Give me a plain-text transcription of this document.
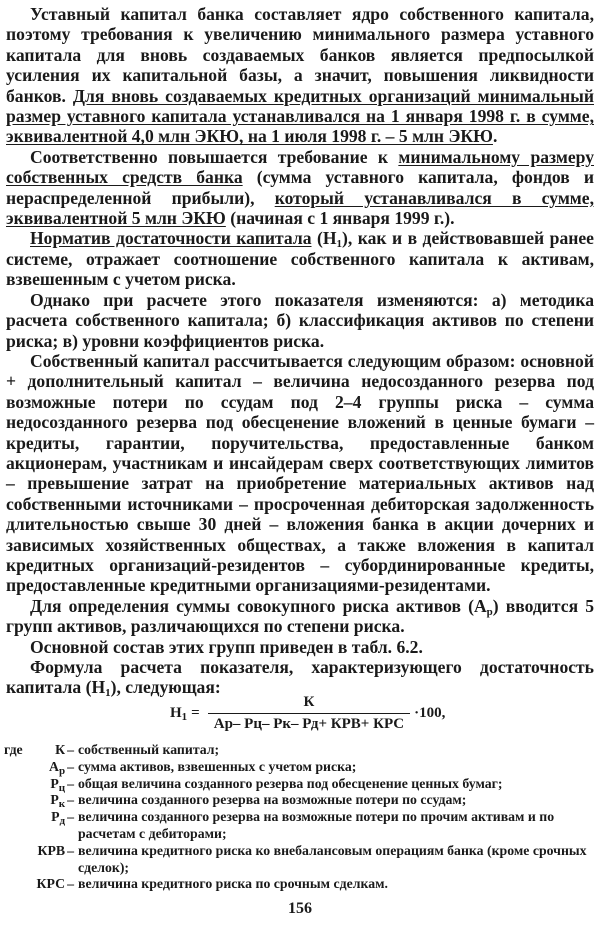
Уставный капитал банка составляет ядро собственного капитала, поэтому требования к увеличению минимального размера уставного капитала для вновь создаваемых банков является предпосылкой усиления их капитальной базы, а значит, повышения ликвидности банков. Для вновь создаваемых кредитных организаций минимальный размер уставного капитала устанавливался на 1 января 1998 г. в сумме, эквивалентной 4,0 млн ЭКЮ, на 1 июля 1998 г. – 5 млн ЭКЮ.

Соответственно повышается требование к минимальному размеру собственных средств банка (сумма уставного капитала, фондов и нераспределенной прибыли), который устанавливался в сумме, эквивалентной 5 млн ЭКЮ (начиная с 1 января 1999 г.).

Норматив достаточности капитала $(Н_1)$, как и в действовавшей ранее системе, отражает соотношение собственного капитала к активам, взвешенным с учетом риска.

Однако при расчете этого показателя изменяются: а) методика расчета собственного капитала; б) классификация активов по степени риска; в) уровни коэффициентов риска.

Собственный капитал рассчитывается следующим образом: основной + дополнительный капитал – величина недосозданного резерва под возможные потери по ссудам под 2–4 группы риска – сумма недосозданного резерва под обесценение вложений в ценные бумаги – кредиты, гарантии, поручительства, предоставленные банком акционерам, участникам и инсайдерам сверх соответствующих лимитов – превышение затрат на приобретение материальных активов над собственными источниками – просроченная дебиторская задолженность длительностью свыше 30 дней – вложения банка в акции дочерних и зависимых хозяйственных обществах, а также вложения в капитал кредитных организаций-резидентов – субординированные кредиты, предоставленные кредитными организациями-резидентами.

Для определения суммы совокупного риска активов $(А_р)$ вводится 5 групп активов, различающихся по степени риска.

Основной состав этих групп приведен в табл. 6.2.

Формула расчета показателя, характеризующего достаточность капитала $(Н_1)$, следующая:

$Н_1 = \frac{К}{\text{Ар– Рц– Рк– Рд+ КРВ+ КРС}} \cdot 100$,
где К – собственный капитал;
$А_р$ – сумма активов, взвешенных с учетом риска;
$Р_ц$ – общая величина созданного резерва под обесценение ценных бумаг;
$Р_к$ – величина созданного резерва на возможные потери по ссудам;
$Р_д$ – величина созданного резерва на возможные потери по прочим активам и по расчетам с дебиторами;
КРВ – величина кредитного риска ко внебалансовым операциям банка (кроме срочных сделок);
КРС – величина кредитного риска по срочным сделкам.
156
